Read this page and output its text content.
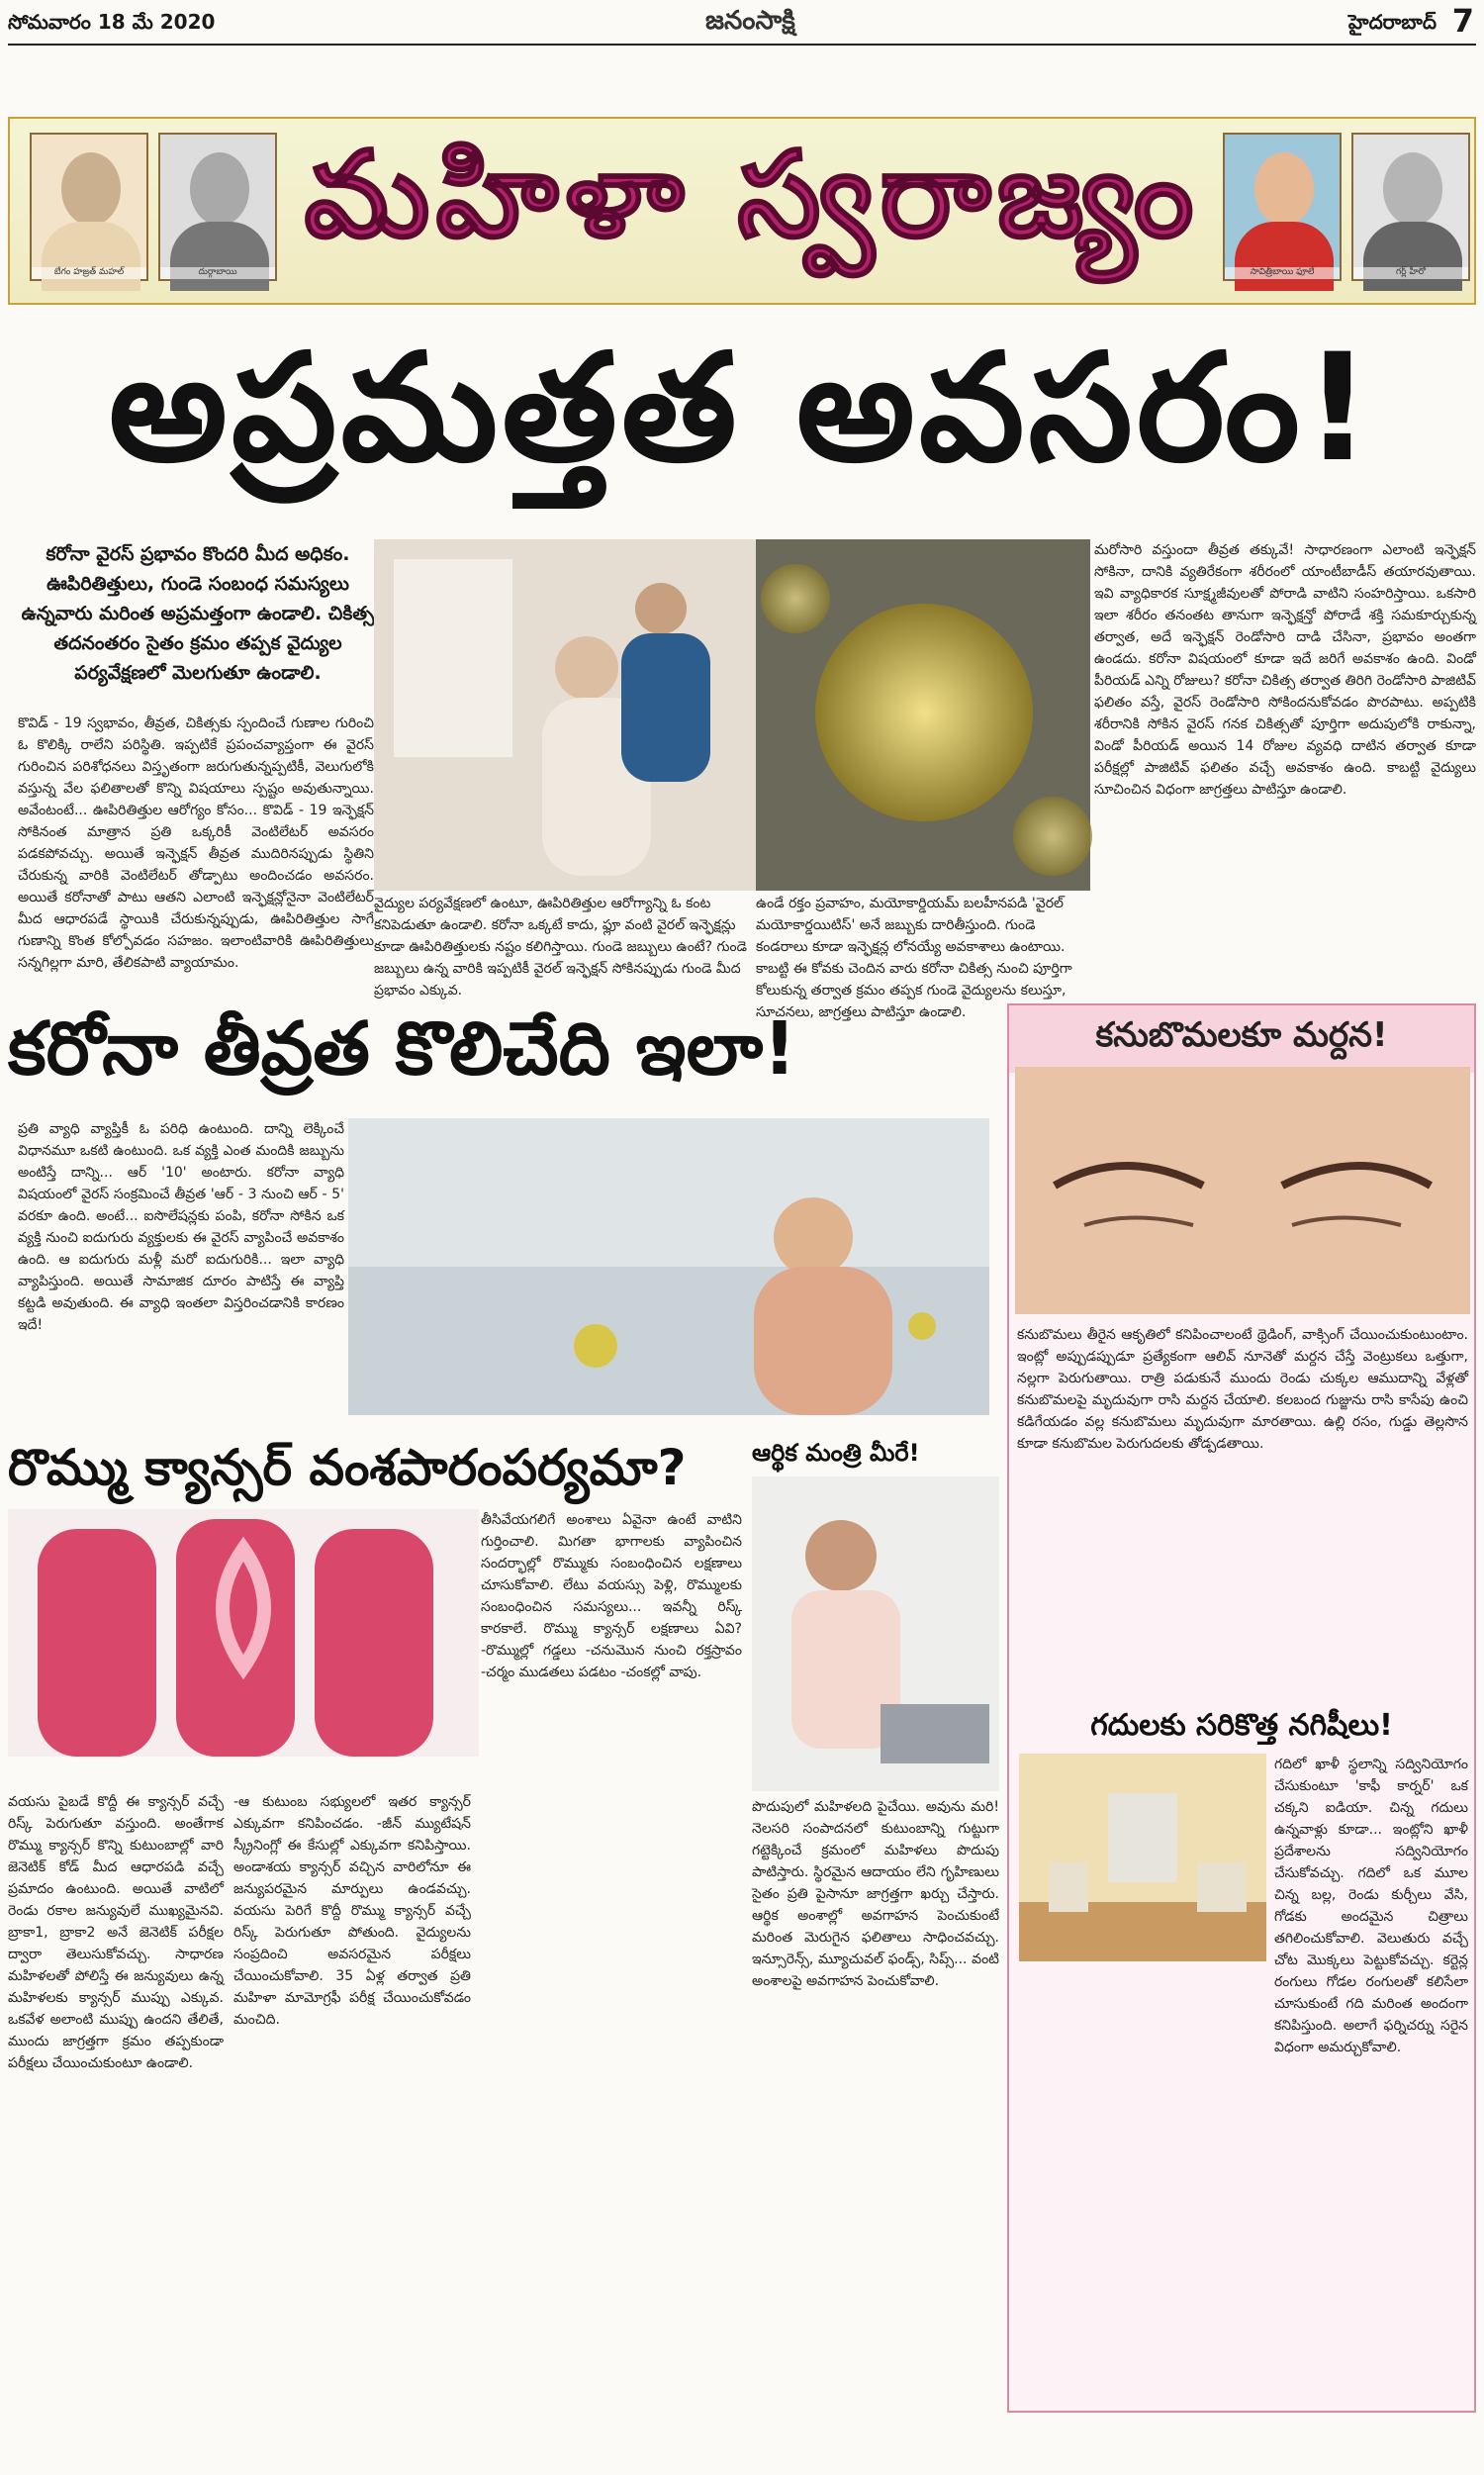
సోమవారం 18 మే 2020	జనంసాక్షి	హైదరాబాద్ 7
బేగం హజ్రత్ మహల్	దుర్గాబాయి
మహిళా స్వరాజ్యం
సావిత్రీబాయి ఫూలే	గర్ల్ హీరో
అప్రమత్తత అవసరం!
కరోనా వైరస్ ప్రభావం కొందరి మీద అధికం. ఊపిరితిత్తులు, గుండె సంబంధ సమస్యలు ఉన్నవారు మరింత అప్రమత్తంగా ఉండాలి. చికిత్స తదనంతరం సైతం క్రమం తప్పక వైద్యుల పర్యవేక్షణలో మెలగుతూ ఉండాలి.
కొవిడ్ - 19 స్వభావం, తీవ్రత, చికిత్సకు స్పందించే గుణాల గురించి ఓ కొలిక్కి రాలేని పరిస్థితి. ఇప్పటికే ప్రపంచవ్యాప్తంగా ఈ వైరస్ గురించిన పరిశోధనలు విస్తృతంగా జరుగుతున్నప్పటికీ, వెలుగులోకి వస్తున్న వేల ఫలితాలతో కొన్ని విషయాలు స్పష్టం అవుతున్నాయి. అవేంటంటే... ఊపిరితిత్తుల ఆరోగ్యం కోసం... కొవిడ్ - 19 ఇన్ఫెక్షన్ సోకినంత మాత్రాన ప్రతి ఒక్కరికీ వెంటిలేటర్ అవసరం పడకపోవచ్చు. అయితే ఇన్ఫెక్షన్ తీవ్రత ముదిరినప్పుడు స్థితిని చేరుకున్న వారికి వెంటిలేటర్ తోడ్పాటు అందించడం అవసరం. అయితే కరోనాతో పాటు ఆతని ఎలాంటి ఇన్ఫెక్షన్లోనైనా వెంటిలేటర్ మీద ఆధారపడే స్థాయికి చేరుకున్నప్పుడు, ఊపిరితిత్తుల సాగే గుణాన్ని కొంత కోల్పోవడం సహజం. ఇలాంటివారికి ఊపిరితిత్తులు సన్నగిల్లగా మారి, తేలికపాటి వ్యాయామం.
వైద్యుల పర్యవేక్షణలో ఉంటూ, ఊపిరితిత్తుల ఆరోగ్యాన్ని ఓ కంట కనిపెడుతూ ఉండాలి. కరోనా ఒక్కటే కాదు, ఫ్లూ వంటి వైరల్ ఇన్ఫెక్షన్లు కూడా ఊపిరితిత్తులకు నష్టం కలిగిస్తాయి. గుండె జబ్బులు ఉంటే? గుండె జబ్బులు ఉన్న వారికి ఇప్పటికీ వైరల్ ఇన్ఫెక్షన్ సోకినప్పుడు గుండె మీద ప్రభావం ఎక్కువ.
ఉండే రక్తం ప్రవాహం, మయోకార్డియమ్ బలహీనపడి 'వైరల్ మయోకార్డయిటిస్' అనే జబ్బుకు దారితీస్తుంది. గుండె కండరాలు కూడా ఇన్ఫెక్షన్ల లోనయ్యే అవకాశాలు ఉంటాయి. కాబట్టి ఈ కోవకు చెందిన వారు కరోనా చికిత్స నుంచి పూర్తిగా కోలుకున్న తర్వాత క్రమం తప్పక గుండె వైద్యులను కలుస్తూ, సూచనలు, జాగ్రత్తలు పాటిస్తూ ఉండాలి.
మరోసారి వస్తుందా తీవ్రత తక్కువే! సాధారణంగా ఎలాంటి ఇన్ఫెక్షన్ సోకినా, దానికి వ్యతిరేకంగా శరీరంలో యాంటీబాడీస్ తయారవుతాయి. ఇవి వ్యాధికారక సూక్ష్మజీవులతో పోరాడి వాటిని సంహరిస్తాయి. ఒకసారి ఇలా శరీరం తనంతట తానుగా ఇన్ఫెక్షన్తో పోరాడే శక్తి సమకూర్చుకున్న తర్వాత, అదే ఇన్ఫెక్షన్ రెండోసారి దాడి చేసినా, ప్రభావం అంతగా ఉండదు. కరోనా విషయంలో కూడా ఇదే జరిగే అవకాశం ఉంది. విండో పీరియడ్ ఎన్ని రోజులు? కరోనా చికిత్స తర్వాత తిరిగి రెండోసారి పాజిటివ్ ఫలితం వస్తే, వైరస్ రెండోసారి సోకిందనుకోవడం పొరపాటు. అప్పటికి శరీరానికి సోకిన వైరస్ గనక చికిత్సతో పూర్తిగా అదుపులోకి రాకున్నా, విండో పీరియడ్ అయిన 14 రోజుల వ్యవధి దాటిన తర్వాత కూడా పరీక్షల్లో పాజిటివ్ ఫలితం వచ్చే అవకాశం ఉంది. కాబట్టి వైద్యులు సూచించిన విధంగా జాగ్రత్తలు పాటిస్తూ ఉండాలి.
కరోనా తీవ్రత కొలిచేది ఇలా!
ప్రతి వ్యాధి వ్యాప్తికీ ఓ పరిధి ఉంటుంది. దాన్ని లెక్కించే విధానమూ ఒకటి ఉంటుంది. ఒక వ్యక్తి ఎంత మందికి జబ్బును అంటిస్తే దాన్ని... ఆర్ '10' అంటారు. కరోనా వ్యాధి విషయంలో వైరస్ సంక్రమించే తీవ్రత 'ఆర్ - 3 నుంచి ఆర్ - 5' వరకూ ఉంది. అంటే... ఐసొలేషన్లకు పంపి, కరోనా సోకిన ఒక వ్యక్తి నుంచి ఐదుగురు వ్యక్తులకు ఈ వైరస్ వ్యాపించే అవకాశం ఉంది. ఆ ఐదుగురు మళ్లీ మరో ఐదుగురికి... ఇలా వ్యాధి వ్యాపిస్తుంది. అయితే సామాజిక దూరం పాటిస్తే ఈ వ్యాప్తి కట్టడి అవుతుంది. ఈ వ్యాధి ఇంతలా విస్తరించడానికి కారణం ఇదే!
రొమ్ము క్యాన్సర్ వంశపారంపర్యమా?
వయసు పైబడే కొద్దీ ఈ క్యాన్సర్ వచ్చే రిస్క్ పెరుగుతూ వస్తుంది. అంతేగాక రొమ్ము క్యాన్సర్ కొన్ని కుటుంబాల్లో వారి జెనెటిక్ కోడ్ మీద ఆధారపడి వచ్చే ప్రమాదం ఉంటుంది. అయితే వాటిలో రెండు రకాల జన్యువులే ముఖ్యమైనవి. బ్రాకా1, బ్రాకా2 అనే జెనెటిక్ పరీక్షల ద్వారా తెలుసుకోవచ్చు. సాధారణ మహిళలతో పోలిస్తే ఈ జన్యువులు ఉన్న మహిళలకు క్యాన్సర్ ముప్పు ఎక్కువ. ఒకవేళ అలాంటి ముప్పు ఉందని తేలితే, ముందు జాగ్రత్తగా క్రమం తప్పకుండా పరీక్షలు చేయించుకుంటూ ఉండాలి.
-ఆ కుటుంబ సభ్యులలో ఇతర క్యాన్సర్ ఎక్కువగా కనిపించడం. -జీన్ మ్యుటేషన్ స్క్రీనింగ్లో ఈ కేసుల్లో ఎక్కువగా కనిపిస్తాయి. అండాశయ క్యాన్సర్ వచ్చిన వారిలోనూ ఈ జన్యుపరమైన మార్పులు ఉండవచ్చు. వయసు పెరిగే కొద్దీ రొమ్ము క్యాన్సర్ వచ్చే రిస్క్ పెరుగుతూ పోతుంది. వైద్యులను సంప్రదించి అవసరమైన పరీక్షలు చేయించుకోవాలి. 35 ఏళ్ల తర్వాత ప్రతి మహిళా మామోగ్రఫీ పరీక్ష చేయించుకోవడం మంచిది.
తీసివేయగలిగే అంశాలు ఏవైనా ఉంటే వాటిని గుర్తించాలి. మిగతా భాగాలకు వ్యాపించిన సందర్భాల్లో రొమ్ముకు సంబంధించిన లక్షణాలు చూసుకోవాలి. లేటు వయస్సు పెళ్లి, రొమ్ములకు సంబంధించిన సమస్యలు... ఇవన్నీ రిస్క్ కారకాలే. రొమ్ము క్యాన్సర్ లక్షణాలు ఏవి? -రొమ్ముల్లో గడ్డలు -చనుమొన నుంచి రక్తస్రావం -చర్మం ముడతలు పడటం -చంకల్లో వాపు.
ఆర్థిక మంత్రి మీరే!
పొదుపులో మహిళలది పైచేయి. అవును మరి! నెలసరి సంపాదనలో కుటుంబాన్ని గుట్టుగా గట్టెక్కించే క్రమంలో మహిళలు పొదుపు పాటిస్తారు. స్థిరమైన ఆదాయం లేని గృహిణులు సైతం ప్రతి పైసానూ జాగ్రత్తగా ఖర్చు చేస్తారు. ఆర్థిక అంశాల్లో అవగాహన పెంచుకుంటే మరింత మెరుగైన ఫలితాలు సాధించవచ్చు. ఇన్సూరెన్స్, మ్యూచువల్ ఫండ్స్, సిప్స్... వంటి అంశాలపై అవగాహన పెంచుకోవాలి.
కనుబొమలకూ మర్దన!
కనుబొమలు తీరైన ఆకృతిలో కనిపించాలంటే థ్రెడింగ్, వాక్సింగ్ చేయించుకుంటుంటాం. ఇంట్లో అప్పుడప్పుడూ ప్రత్యేకంగా ఆలివ్ నూనెతో మర్దన చేస్తే వెంట్రుకలు ఒత్తుగా, నల్లగా పెరుగుతాయి. రాత్రి పడుకునే ముందు రెండు చుక్కల ఆముదాన్ని వేళ్లతో కనుబొమలపై మృదువుగా రాసి మర్దన చేయాలి. కలబంద గుజ్జును రాసి కాసేపు ఉంచి కడిగేయడం వల్ల కనుబొమలు మృదువుగా మారతాయి. ఉల్లి రసం, గుడ్డు తెల్లసొన కూడా కనుబొమల పెరుగుదలకు తోడ్పడతాయి.
గదులకు సరికొత్త నగిషీలు!
గదిలో ఖాళీ స్థలాన్ని సద్వినియోగం చేసుకుంటూ 'కాఫీ కార్నర్' ఒక చక్కని ఐడియా. చిన్న గదులు ఉన్నవాళ్లు కూడా... ఇంట్లోని ఖాళీ ప్రదేశాలను సద్వినియోగం చేసుకోవచ్చు. గదిలో ఒక మూల చిన్న బల్ల, రెండు కుర్చీలు వేసి, గోడకు అందమైన చిత్రాలు తగిలించుకోవాలి. వెలుతురు వచ్చే చోట మొక్కలు పెట్టుకోవచ్చు. కర్టెన్ల రంగులు గోడల రంగులతో కలిసేలా చూసుకుంటే గది మరింత అందంగా కనిపిస్తుంది. అలాగే ఫర్నిచర్ను సరైన విధంగా అమర్చుకోవాలి.
